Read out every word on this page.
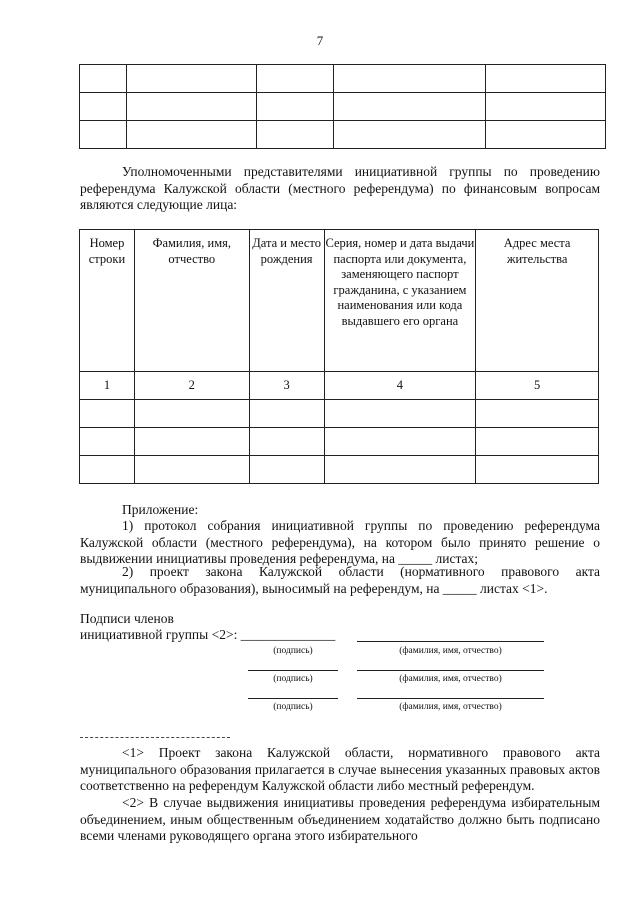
7

Уполномоченными представителями инициативной группы по проведению референдума Калужской области (местного референдума) по финансовым вопросам являются следующие лица:
Номер строки	Фамилия, имя, отчество	Дата и место рождения	Серия, номер и дата выдачи паспорта или документа, заменяющего паспорт гражданина, с указанием наименования или кода выдавшего его органа	Адрес места жительства
1	2	3	4	5

Приложение:
1) протокол собрания инициативной группы по проведению референдума Калужской области (местного референдума), на котором было принято решение о выдвижении инициативы проведения референдума, на _____ листах;
2) проект закона Калужской области (нормативного правового акта муниципального образования), выносимый на референдум, на _____ листах <1>.
Подписи членов
инициативной группы <2>: ______________
(подпись)	(фамилия, имя, отчество)
(подпись)	(фамилия, имя, отчество)
(подпись)	(фамилия, имя, отчество)
<1> Проект закона Калужской области, нормативного правового акта муниципального образования прилагается в случае вынесения указанных правовых актов соответственно на референдум Калужской области либо местный референдум.
<2> В случае выдвижения инициативы проведения референдума избирательным объединением, иным общественным объединением ходатайство должно быть подписано всеми членами руководящего органа этого избирательного
